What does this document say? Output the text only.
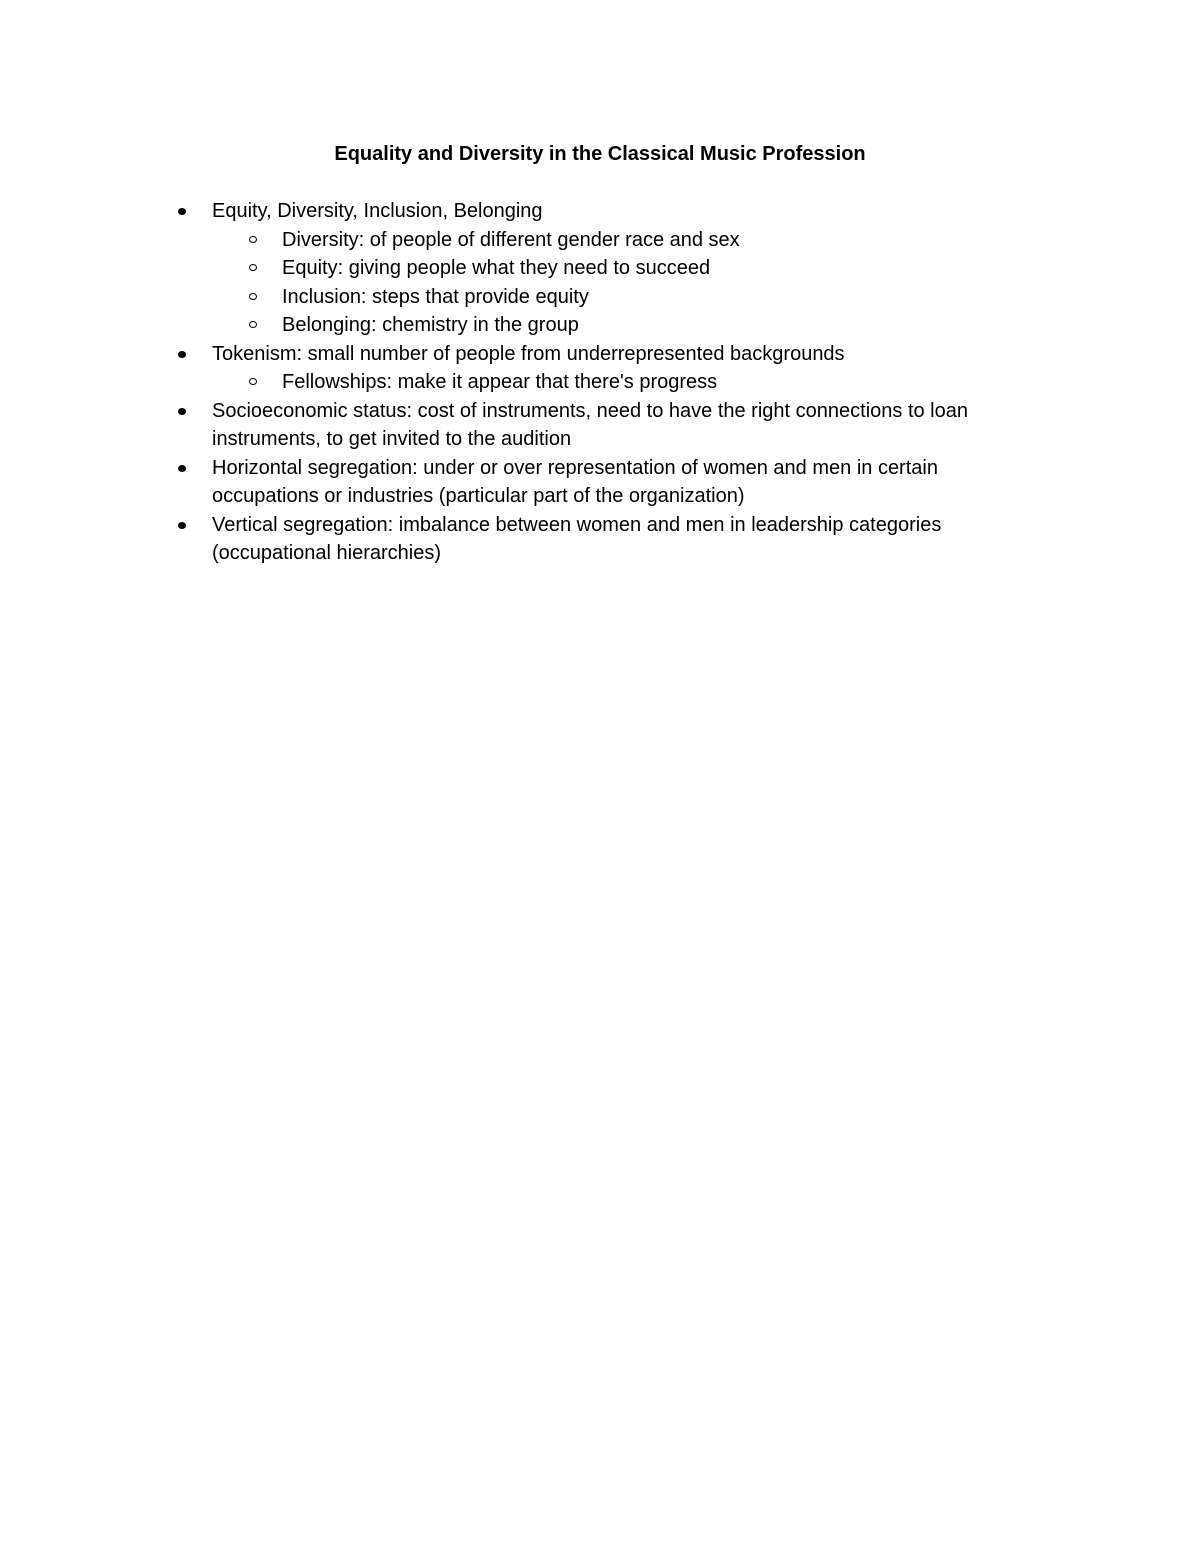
Equality and Diversity in the Classical Music Profession
Equity, Diversity, Inclusion, Belonging
Diversity: of people of different gender race and sex
Equity: giving people what they need to succeed
Inclusion: steps that provide equity
Belonging: chemistry in the group
Tokenism: small number of people from underrepresented backgrounds
Fellowships: make it appear that there's progress
Socioeconomic status: cost of instruments, need to have the right connections to loan instruments, to get invited to the audition
Horizontal segregation: under or over representation of women and men in certain occupations or industries (particular part of the organization)
Vertical segregation: imbalance between women and men in leadership categories (occupational hierarchies)
